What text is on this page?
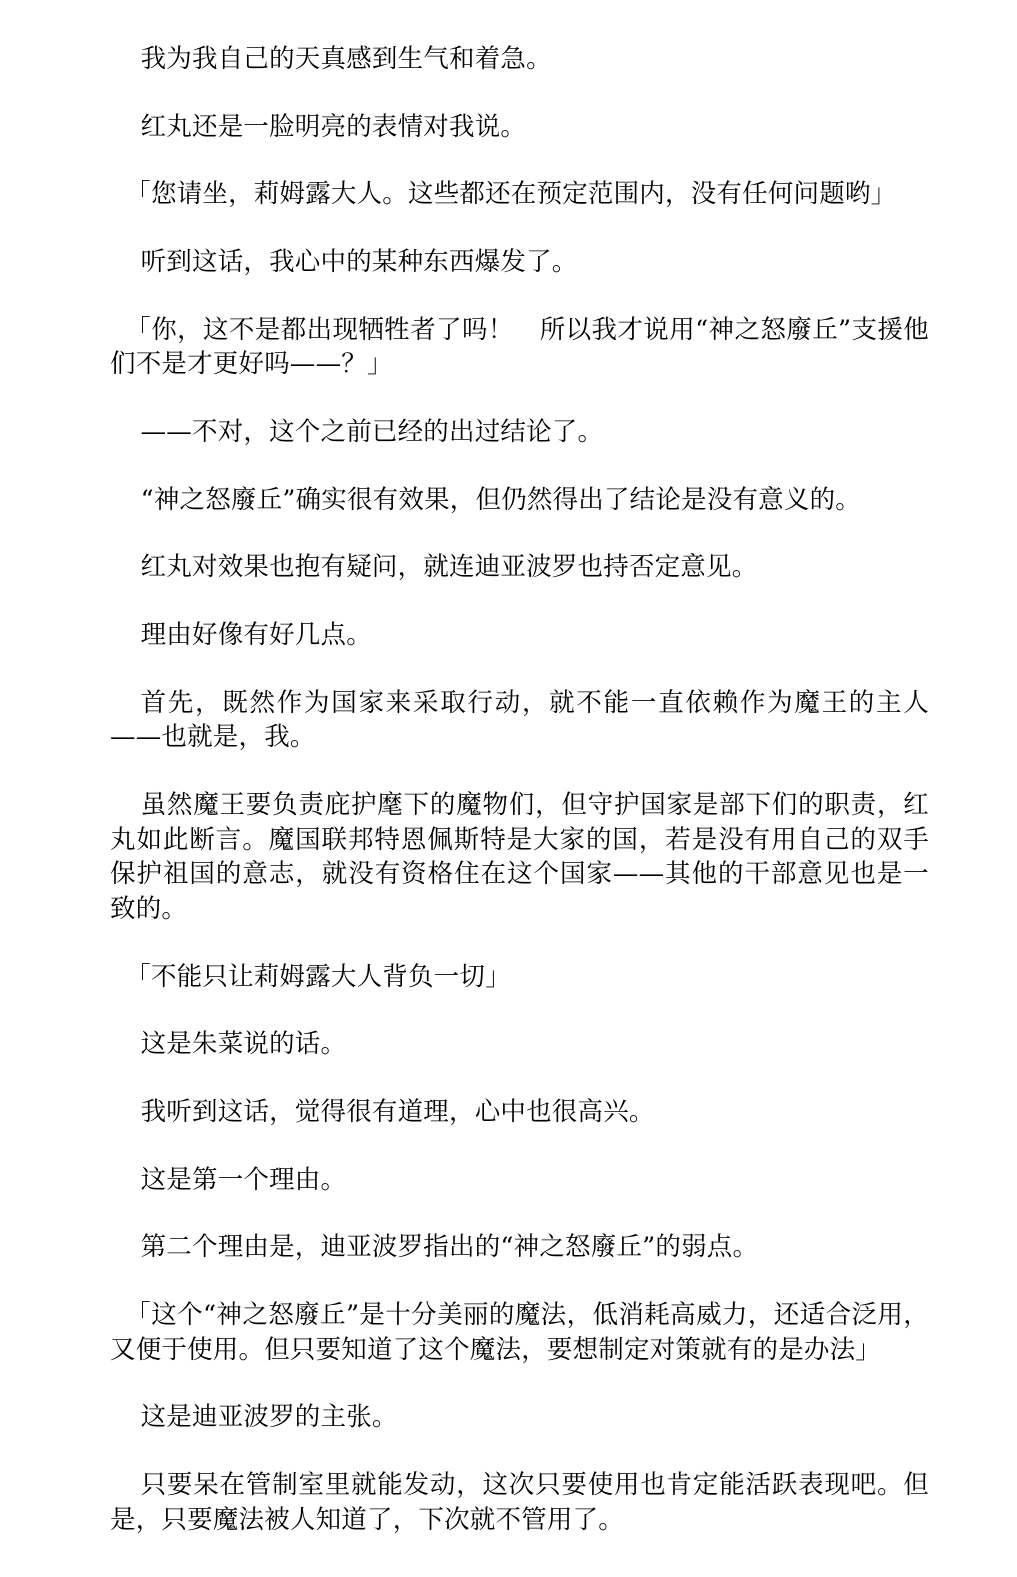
我为我自己的天真感到生气和着急。

红丸还是一脸明亮的表情对我说。

「您请坐，莉姆露大人。这些都还在预定范围内，没有任何问题哟」

听到这话，我心中的某种东西爆发了。

「你，这不是都出现牺牲者了吗！　所以我才说用“神之怒廢丘”支援他们不是才更好吗——？」

——不对，这个之前已经的出过结论了。

“神之怒廢丘”确实很有效果，但仍然得出了结论是没有意义的。

红丸对效果也抱有疑问，就连迪亚波罗也持否定意见。

理由好像有好几点。

首先，既然作为国家来采取行动，就不能一直依赖作为魔王的主人——也就是，我。

虽然魔王要负责庇护麾下的魔物们，但守护国家是部下们的职责，红丸如此断言。魔国联邦特恩佩斯特是大家的国，若是没有用自己的双手保护祖国的意志，就没有资格住在这个国家——其他的干部意见也是一致的。

「不能只让莉姆露大人背负一切」

这是朱菜说的话。

我听到这话，觉得很有道理，心中也很高兴。

这是第一个理由。

第二个理由是，迪亚波罗指出的“神之怒廢丘”的弱点。

「这个“神之怒廢丘”是十分美丽的魔法，低消耗高威力，还适合泛用，又便于使用。但只要知道了这个魔法，要想制定对策就有的是办法」

这是迪亚波罗的主张。

只要呆在管制室里就能发动，这次只要使用也肯定能活跃表现吧。但是，只要魔法被人知道了，下次就不管用了。
